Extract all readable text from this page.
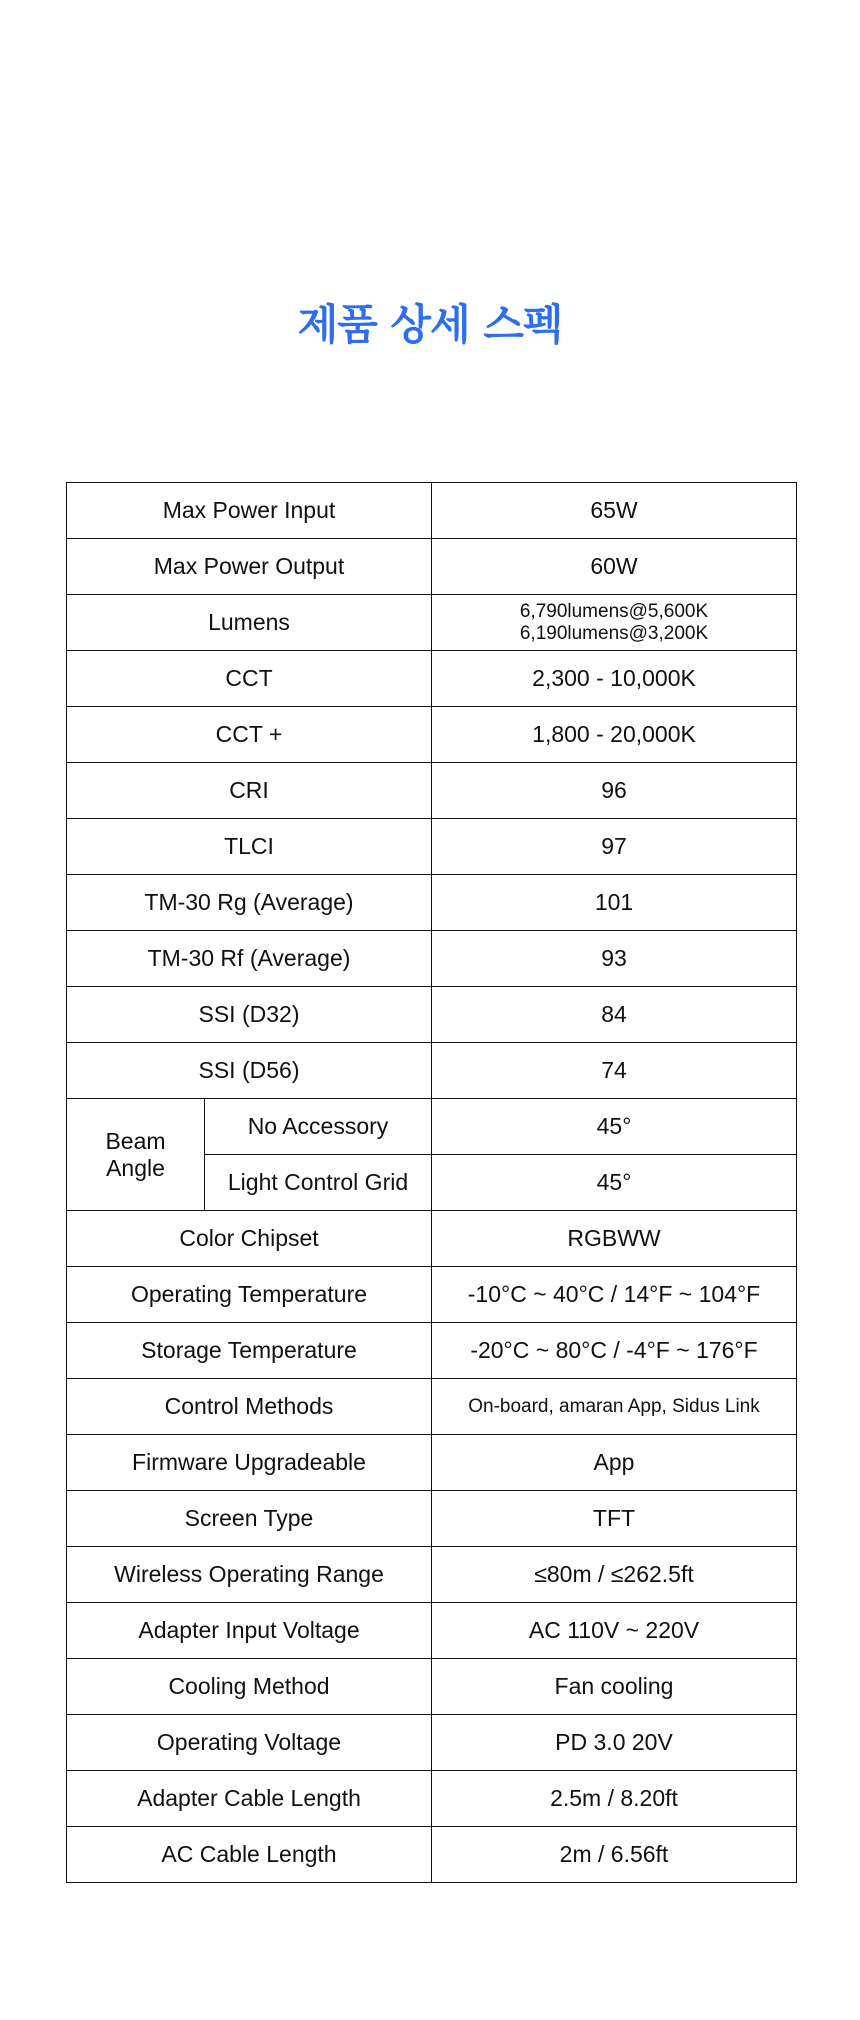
제품 상세 스펙
Max Power Input		65W
Max Power Output		60W
Lumens		6,790lumens@5,600K
6,190lumens@3,200K

CCT		2,300 - 10,000K
CCT +		1,800 - 20,000K
CRI		96
TLCI		97
TM-30 Rg (Average)		101
TM-30 Rf (Average)		93
SSI (D32)		84
SSI (D56)		74

Beam
Angle	No Accessory	45°
	Light Control Grid	45°
Color Chipset		RGBWW
Operating Temperature		-10°C ~ 40°C / 14°F ~ 104°F
Storage Temperature		-20°C ~ 80°C / -4°F ~ 176°F
Control Methods		On-board, amaran App, Sidus Link
Firmware Upgradeable		App
Screen Type		TFT
Wireless Operating Range		≤80m / ≤262.5ft
Adapter Input Voltage		AC 110V ~ 220V
Cooling Method		Fan cooling
Operating Voltage		PD 3.0 20V
Adapter Cable Length		2.5m / 8.20ft
AC Cable Length		2m / 6.56ft
